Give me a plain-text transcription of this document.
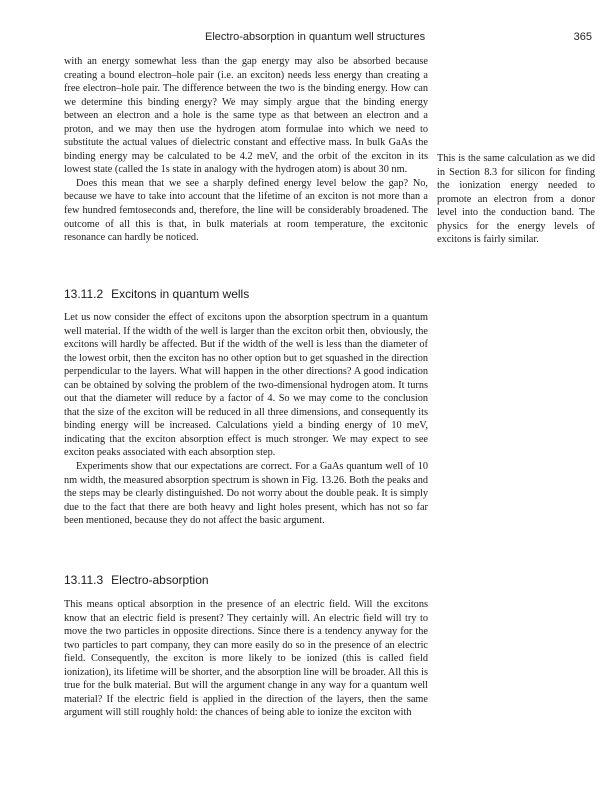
Electro-absorption in quantum well structures	365

with an energy somewhat less than the gap energy may also be absorbed because creating a bound electron–hole pair (i.e. an exciton) needs less energy than creating a free electron–hole pair. The difference between the two is the binding energy. How can we determine this binding energy? We may simply argue that the binding energy between an electron and a hole is the same type as that between an electron and a proton, and we may then use the hydrogen atom formulae into which we need to substitute the actual values of dielectric constant and effective mass. In bulk GaAs the binding energy may be calculated to be 4.2 meV, and the orbit of the exciton in its lowest state (called the 1s state in analogy with the hydrogen atom) is about 30 nm.

Does this mean that we see a sharply defined energy level below the gap? No, because we have to take into account that the lifetime of an exciton is not more than a few hundred femtoseconds and, therefore, the line will be considerably broadened. The outcome of all this is that, in bulk materials at room temperature, the excitonic resonance can hardly be noticed.

13.11.2 Excitons in quantum wells

Let us now consider the effect of excitons upon the absorption spectrum in a quantum well material. If the width of the well is larger than the exciton orbit then, obviously, the excitons will hardly be affected. But if the width of the well is less than the diameter of the lowest orbit, then the exciton has no other option but to get squashed in the direction perpendicular to the layers. What will happen in the other directions? A good indication can be obtained by solving the problem of the two-dimensional hydrogen atom. It turns out that the diameter will reduce by a factor of 4. So we may come to the conclusion that the size of the exciton will be reduced in all three dimensions, and consequently its binding energy will be increased. Calculations yield a binding energy of 10 meV, indicating that the exciton absorption effect is much stronger. We may expect to see exciton peaks associated with each absorption step.

Experiments show that our expectations are correct. For a GaAs quantum well of 10 nm width, the measured absorption spectrum is shown in Fig. 13.26. Both the peaks and the steps may be clearly distinguished. Do not worry about the double peak. It is simply due to the fact that there are both heavy and light holes present, which has not so far been mentioned, because they do not affect the basic argument.

13.11.3 Electro-absorption

This means optical absorption in the presence of an electric field. Will the excitons know that an electric field is present? They certainly will. An electric field will try to move the two particles in opposite directions. Since there is a tendency anyway for the two particles to part company, they can more easily do so in the presence of an electric field. Consequently, the exciton is more likely to be ionized (this is called field ionization), its lifetime will be shorter, and the absorption line will be broader. All this is true for the bulk material. But will the argument change in any way for a quantum well material? If the electric field is applied in the direction of the layers, then the same argument will still roughly hold: the chances of being able to ionize the exciton with

This is the same calculation as we did in Section 8.3 for silicon for finding the ionization energy needed to promote an electron from a donor level into the conduction band. The physics for the energy levels of excitons is fairly similar.
